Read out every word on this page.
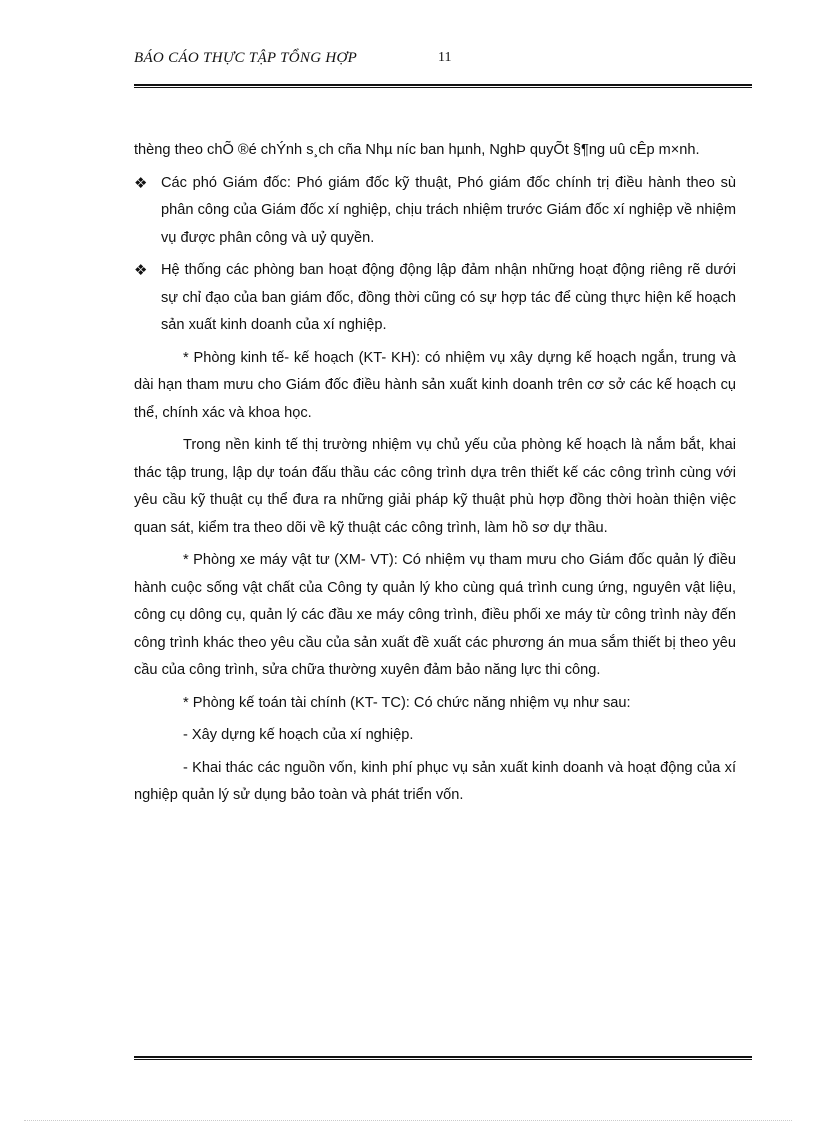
BÁO CÁO THỰC TẬP TỔNG HỢP	11

thèng theo chÕ ®é chÝnh s¸ch cña Nhµ níc ban hµnh, NghÞ quyÕt §¶ng uû cÊp m×nh.

❖ Các phó Giám đốc: Phó giám đốc kỹ thuật, Phó giám đốc chính trị điều hành theo sù phân công của Giám đốc xí nghiệp, chịu trách nhiệm trước Giám đốc xí nghiệp về nhiệm vụ được phân công và uỷ quyền.

❖ Hệ thống các phòng ban hoạt động động lập đảm nhận những hoạt động riêng rẽ dưới sự chỉ đạo của ban giám đốc, đồng thời cũng có sự hợp tác để cùng thực hiện kế hoạch sản xuất kinh doanh của xí nghiệp.

* Phòng kinh tế- kế hoạch (KT- KH): có nhiệm vụ xây dựng kế hoạch ngắn, trung và dài hạn tham mưu cho Giám đốc điều hành sản xuất kinh doanh trên cơ sở các kế hoạch cụ thể, chính xác và khoa học.

Trong nền kinh tế thị trường nhiệm vụ chủ yếu của phòng kế hoạch là nắm bắt, khai thác tập trung, lập dự toán đấu thầu các công trình dựa trên thiết kế các công trình cùng với yêu cầu kỹ thuật cụ thể đưa ra những giải pháp kỹ thuật phù hợp đồng thời hoàn thiện việc quan sát, kiểm tra theo dõi về kỹ thuật các công trình, làm hồ sơ dự thầu.

* Phòng xe máy vật tư (XM- VT): Có nhiệm vụ tham mưu cho Giám đốc quản lý điều hành cuộc sống vật chất của Công ty quản lý kho cùng quá trình cung ứng, nguyên vật liệu, công cụ dông cụ, quản lý các đầu xe máy công trình, điều phối xe máy từ công trình này đến công trình khác theo yêu cầu của sản xuất đề xuất các phương án mua sắm thiết bị theo yêu cầu của công trình, sửa chữa thường xuyên đảm bảo năng lực thi công.

* Phòng kế toán tài chính (KT- TC): Có chức năng nhiệm vụ như sau:

- Xây dựng kế hoạch của xí nghiệp.

- Khai thác các nguồn vốn, kinh phí phục vụ sản xuất kinh doanh và hoạt động của xí nghiệp quản lý sử dụng bảo toàn và phát triển vốn.
